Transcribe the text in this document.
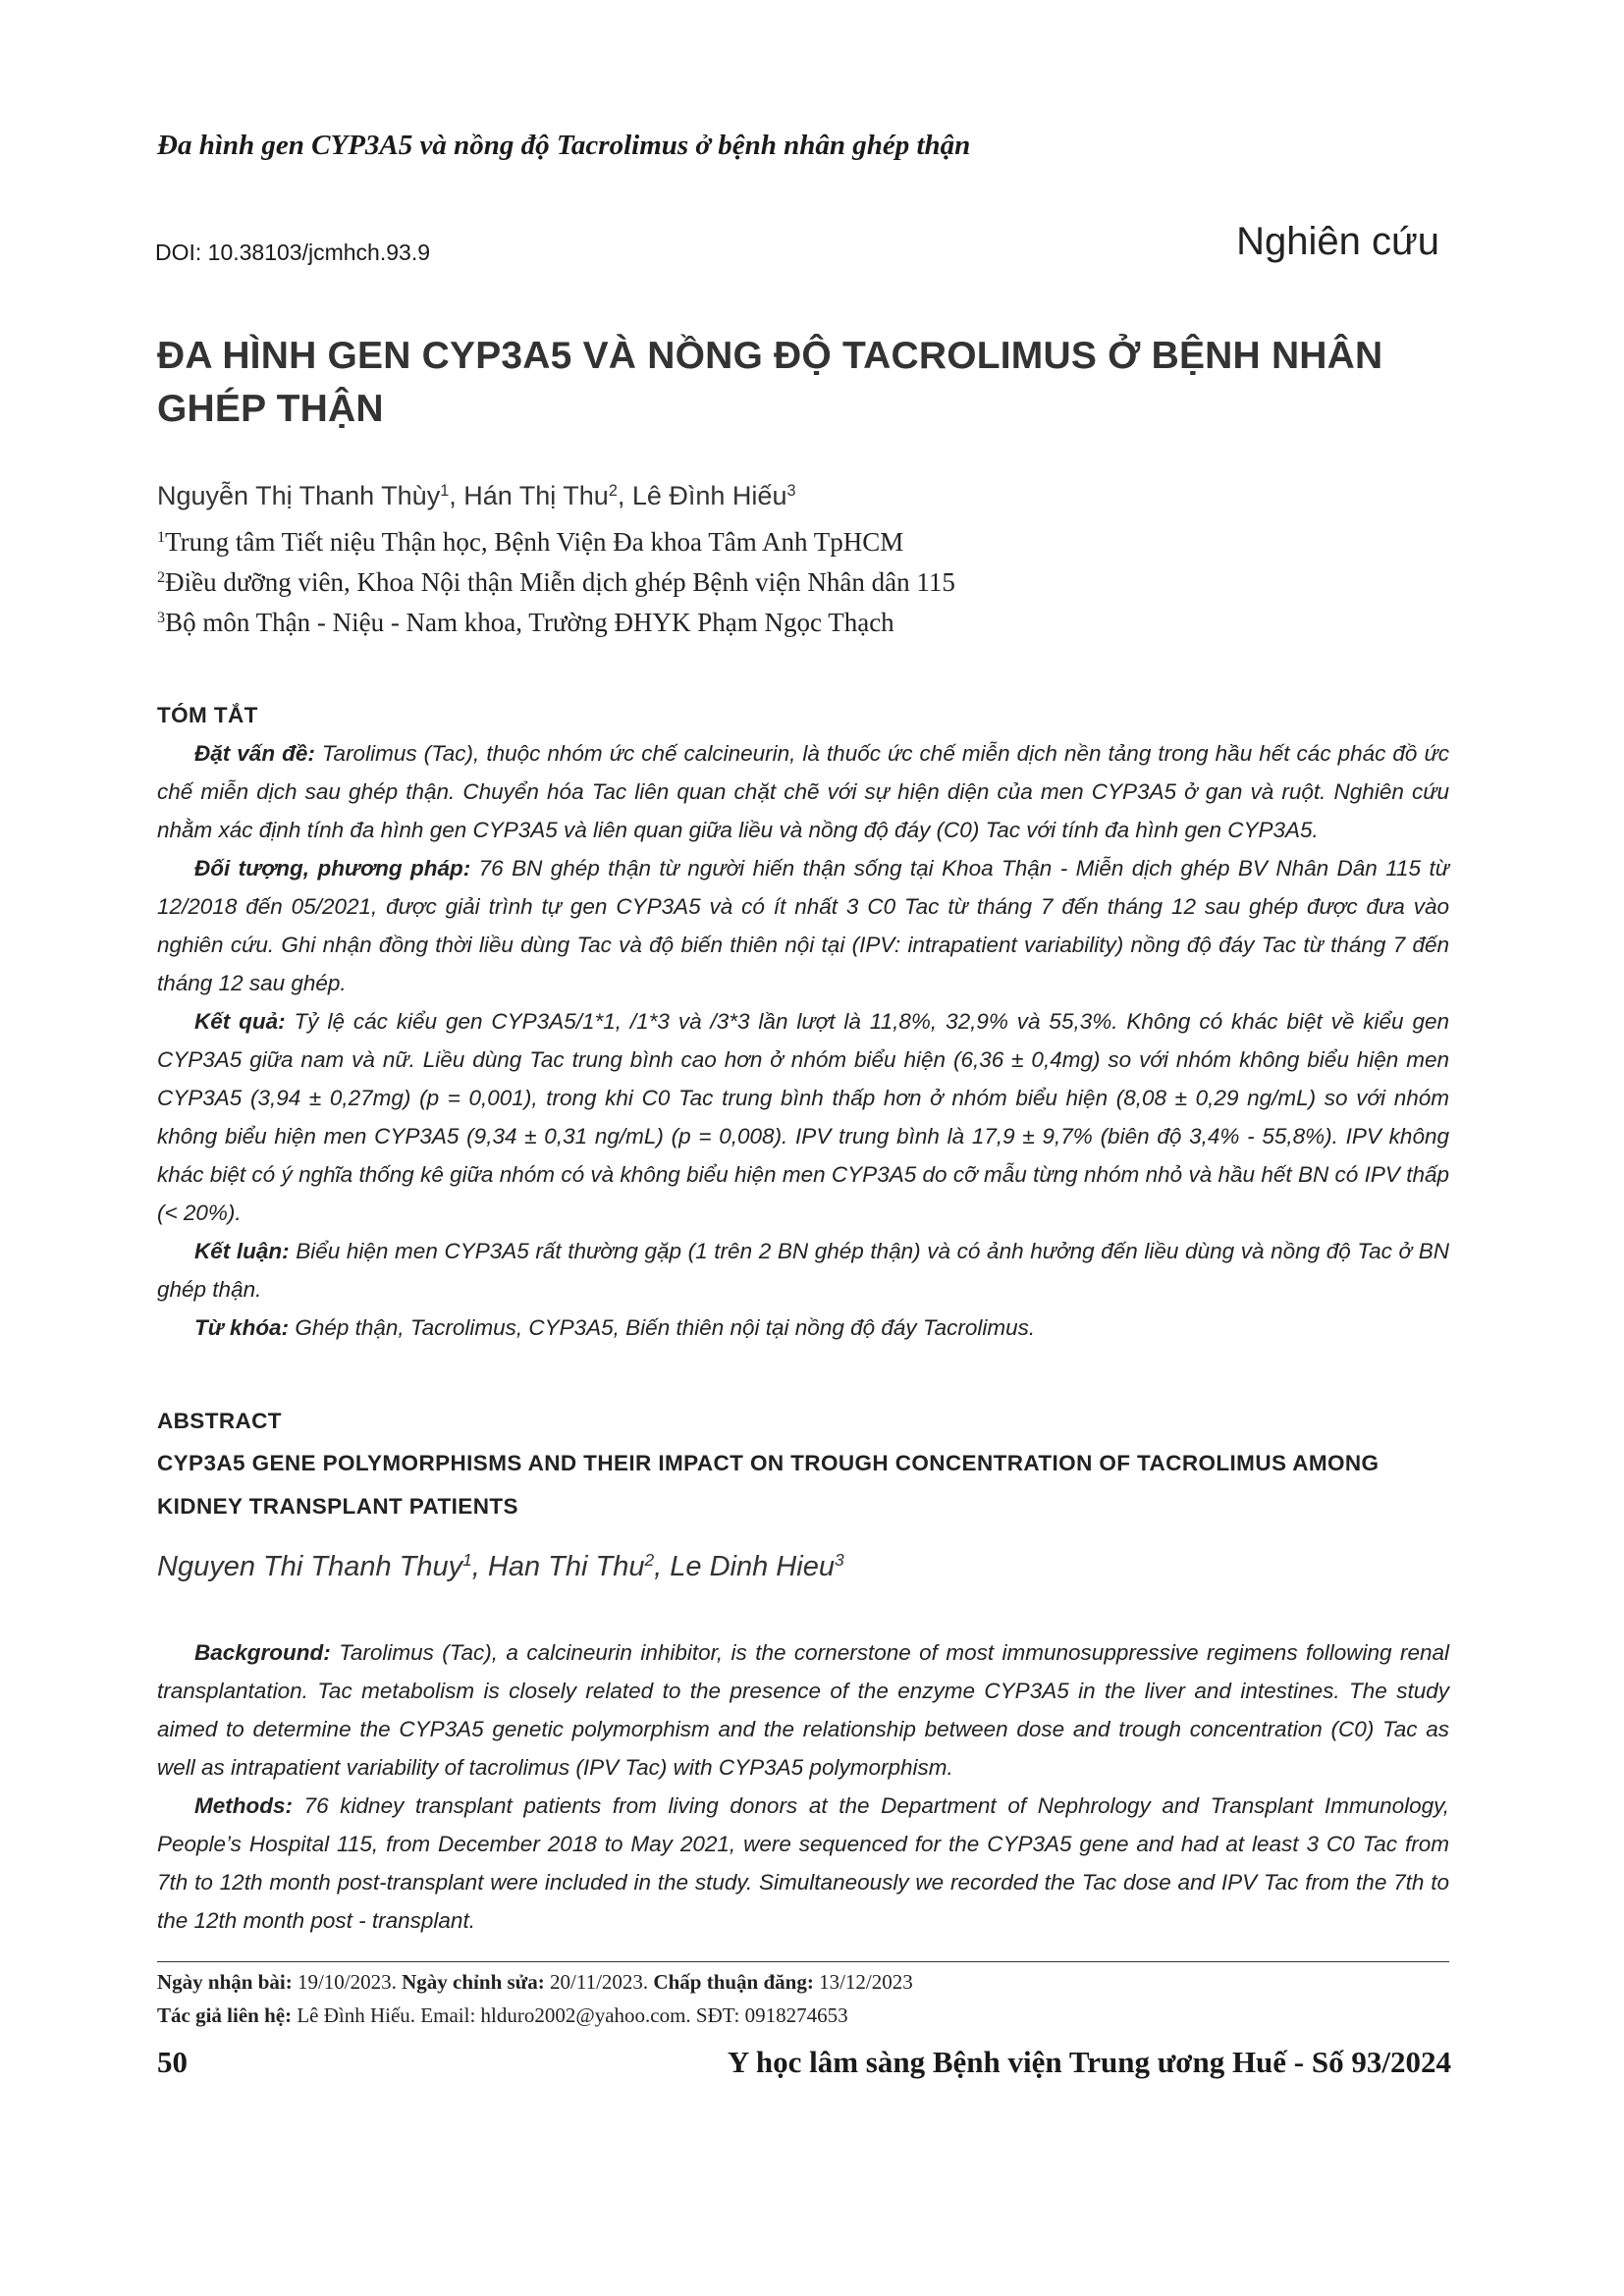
Đa hình gen CYP3A5 và nồng độ Tacrolimus ở bệnh nhân ghép thận
DOI: 10.38103/jcmhch.93.9	Nghiên cứu
ĐA HÌNH GEN CYP3A5 VÀ NỒNG ĐỘ TACROLIMUS Ở BỆNH NHÂN GHÉP THẬN
Nguyễn Thị Thanh Thùy$^1$, Hán Thị Thu$^2$, Lê Đình Hiếu$^3$
$^1$Trung tâm Tiết niệu Thận học, Bệnh Viện Đa khoa Tâm Anh TpHCM
$^2$Điều dưỡng viên, Khoa Nội thận Miễn dịch ghép Bệnh viện Nhân dân 115
$^3$Bộ môn Thận - Niệu - Nam khoa, Trường ĐHYK Phạm Ngọc Thạch
TÓM TẮT

Đặt vấn đề: Tarolimus (Tac), thuộc nhóm ức chế calcineurin, là thuốc ức chế miễn dịch nền tảng trong hầu hết các phác đồ ức chế miễn dịch sau ghép thận. Chuyển hóa Tac liên quan chặt chẽ với sự hiện diện của men CYP3A5 ở gan và ruột. Nghiên cứu nhằm xác định tính đa hình gen CYP3A5 và liên quan giữa liều và nồng độ đáy (C0) Tac với tính đa hình gen CYP3A5.

Đối tượng, phương pháp: 76 BN ghép thận từ người hiến thận sống tại Khoa Thận - Miễn dịch ghép BV Nhân Dân 115 từ 12/2018 đến 05/2021, được giải trình tự gen CYP3A5 và có ít nhất 3 C0 Tac từ tháng 7 đến tháng 12 sau ghép được đưa vào nghiên cứu. Ghi nhận đồng thời liều dùng Tac và độ biến thiên nội tại (IPV: intrapatient variability) nồng độ đáy Tac từ tháng 7 đến tháng 12 sau ghép.

Kết quả: Tỷ lệ các kiểu gen CYP3A5/1*1, /1*3 và /3*3 lần lượt là 11,8%, 32,9% và 55,3%. Không có khác biệt về kiểu gen CYP3A5 giữa nam và nữ. Liều dùng Tac trung bình cao hơn ở nhóm biểu hiện (6,36 ± 0,4mg) so với nhóm không biểu hiện men CYP3A5 (3,94 ± 0,27mg) (p = 0,001), trong khi C0 Tac trung bình thấp hơn ở nhóm biểu hiện (8,08 ± 0,29 ng/mL) so với nhóm không biểu hiện men CYP3A5 (9,34 ± 0,31 ng/mL) (p = 0,008). IPV trung bình là 17,9 ± 9,7% (biên độ 3,4% - 55,8%). IPV không khác biệt có ý nghĩa thống kê giữa nhóm có và không biểu hiện men CYP3A5 do cỡ mẫu từng nhóm nhỏ và hầu hết BN có IPV thấp (< 20%).

Kết luận: Biểu hiện men CYP3A5 rất thường gặp (1 trên 2 BN ghép thận) và có ảnh hưởng đến liều dùng và nồng độ Tac ở BN ghép thận.

Từ khóa: Ghép thận, Tacrolimus, CYP3A5, Biến thiên nội tại nồng độ đáy Tacrolimus.

ABSTRACT
CYP3A5 GENE POLYMORPHISMS AND THEIR IMPACT ON TROUGH CONCENTRATION OF TACROLIMUS AMONG KIDNEY TRANSPLANT PATIENTS
Nguyen Thi Thanh Thuy$^1$, Han Thi Thu$^2$, Le Dinh Hieu$^3$

Background: Tarolimus (Tac), a calcineurin inhibitor, is the cornerstone of most immunosuppressive regimens following renal transplantation. Tac metabolism is closely related to the presence of the enzyme CYP3A5 in the liver and intestines. The study aimed to determine the CYP3A5 genetic polymorphism and the relationship between dose and trough concentration (C0) Tac as well as intrapatient variability of tacrolimus (IPV Tac) with CYP3A5 polymorphism.

Methods: 76 kidney transplant patients from living donors at the Department of Nephrology and Transplant Immunology, People’s Hospital 115, from December 2018 to May 2021, were sequenced for the CYP3A5 gene and had at least 3 C0 Tac from 7th to 12th month post-transplant were included in the study. Simultaneously we recorded the Tac dose and IPV Tac from the 7th to the 12th month post - transplant.

Ngày nhận bài: 19/10/2023. Ngày chỉnh sửa: 20/11/2023. Chấp thuận đăng: 13/12/2023
Tác giả liên hệ: Lê Đình Hiếu. Email: hlduro2002@yahoo.com. SĐT: 0918274653
50	Y học lâm sàng Bệnh viện Trung ương Huế - Số 93/2024
